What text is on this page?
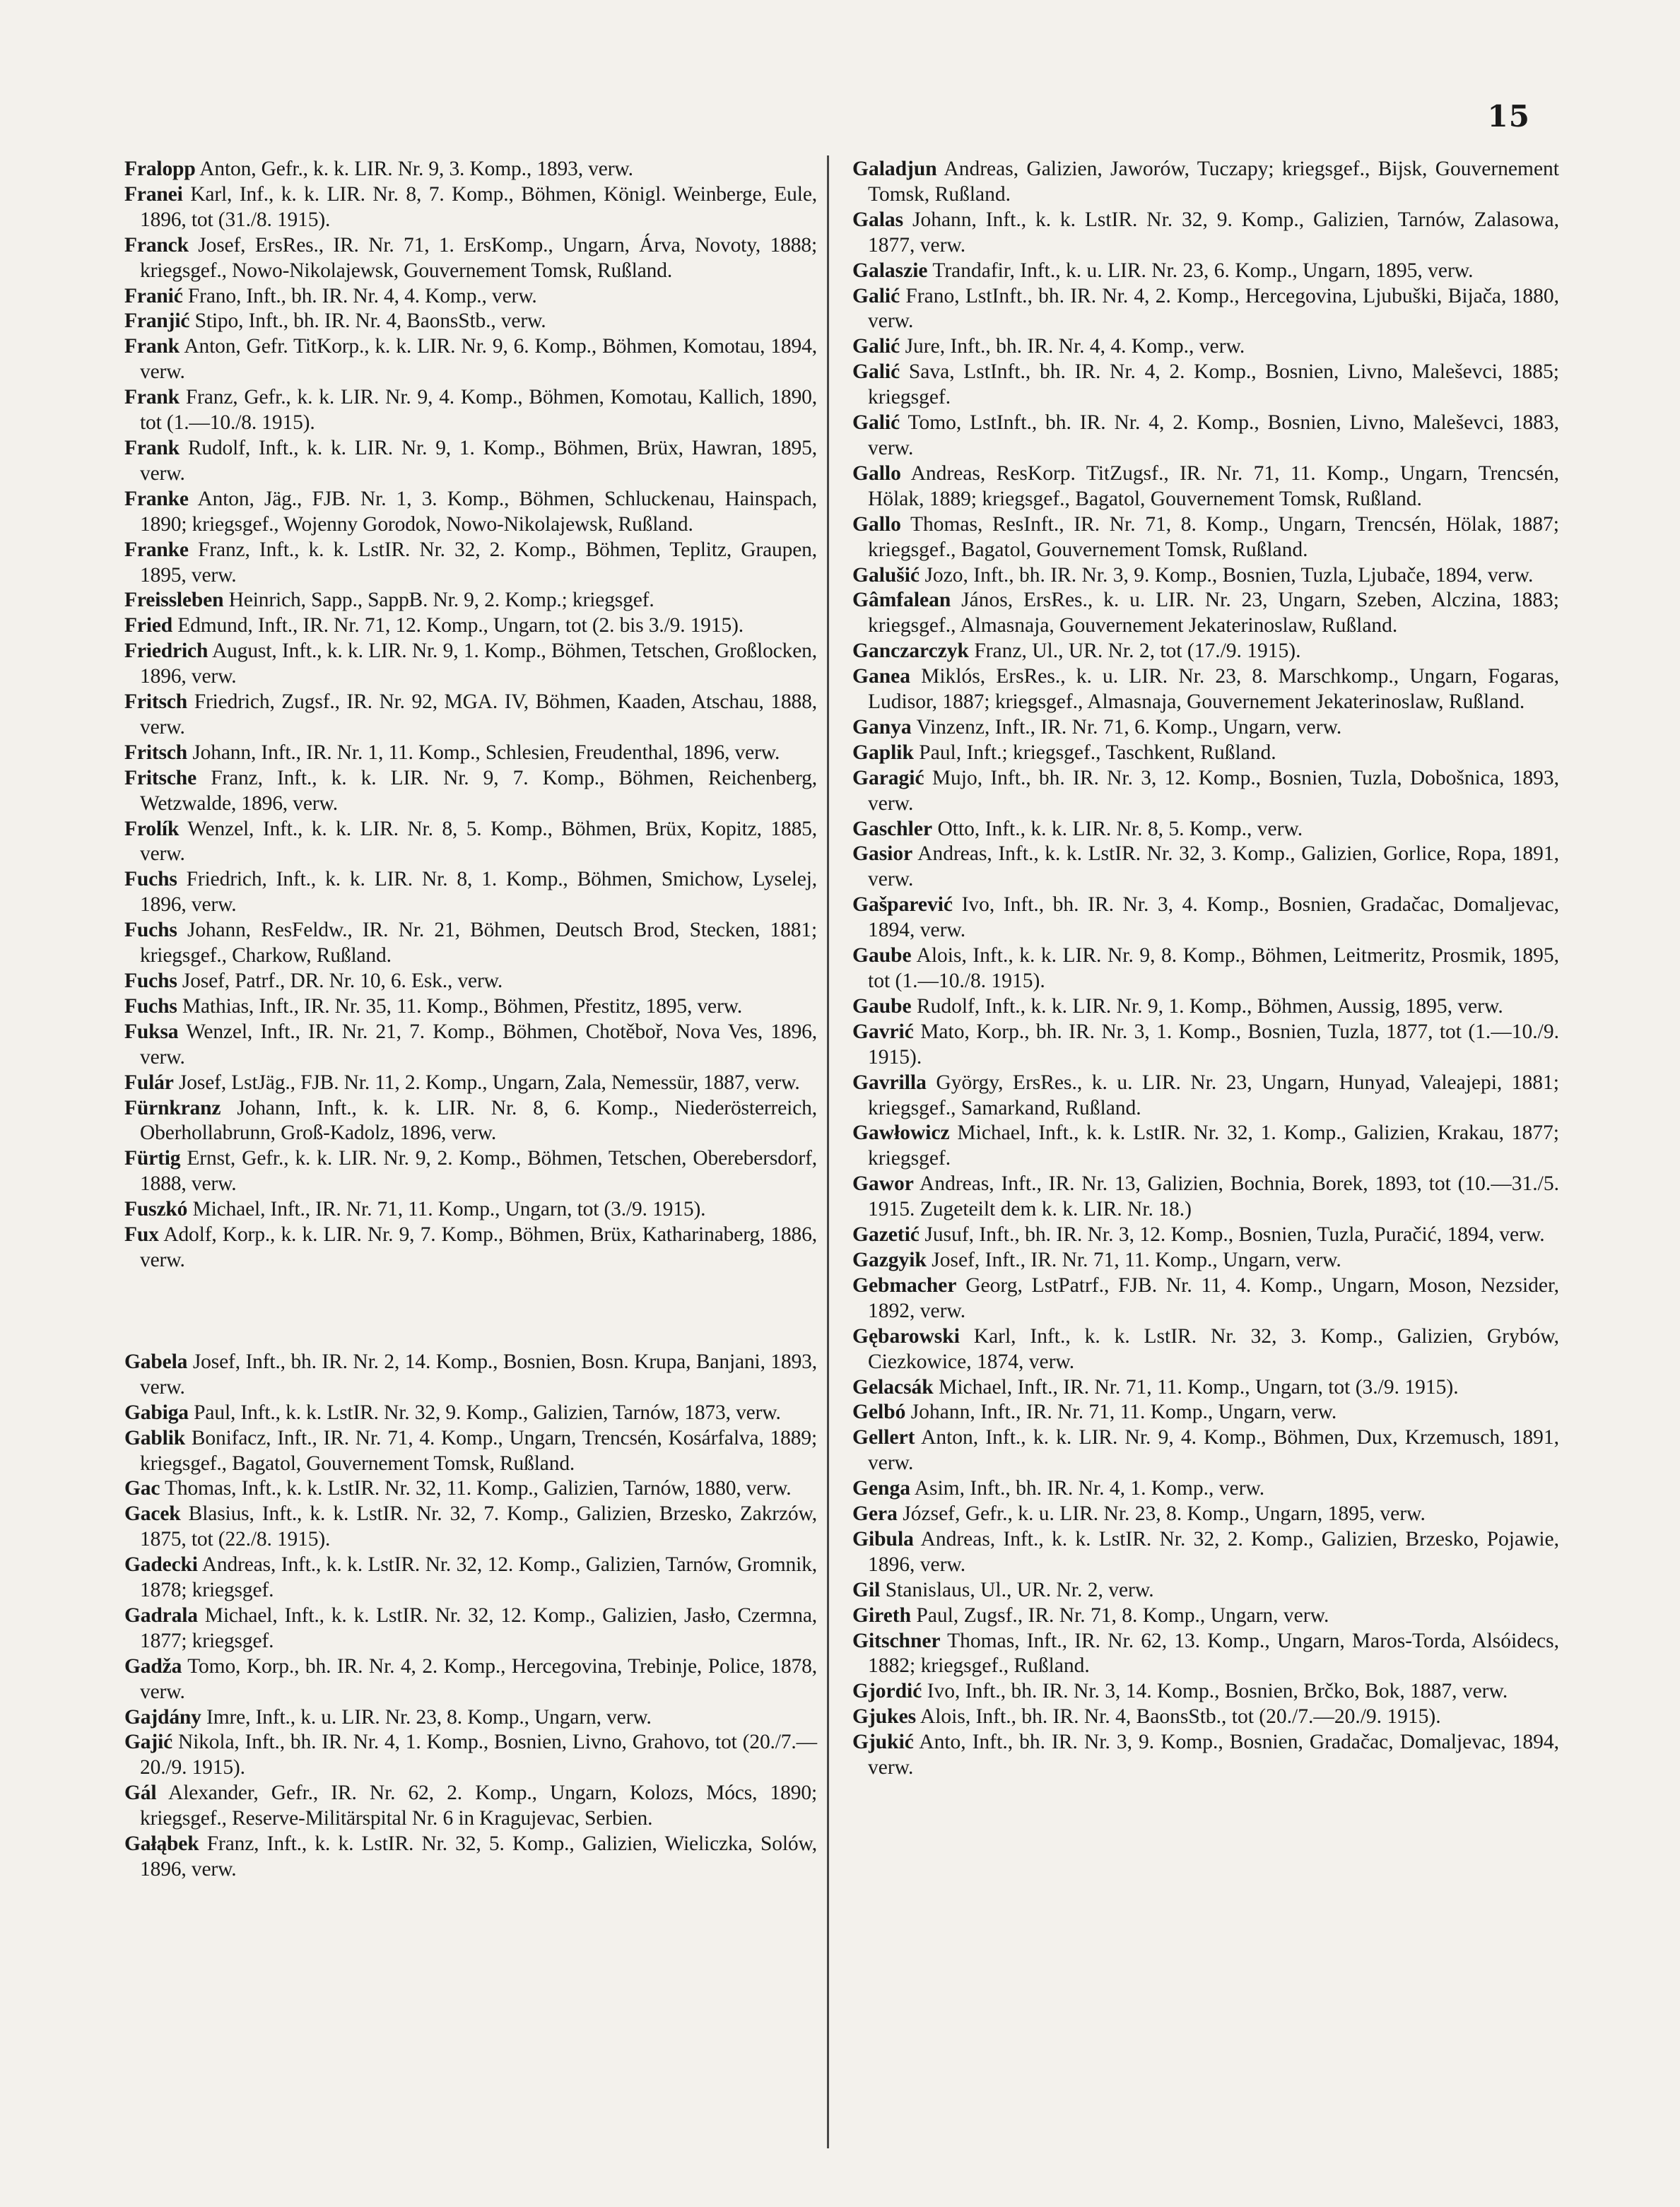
15

Fralopp Anton, Gefr., k. k. LIR. Nr. 9, 3. Komp., 1893, verw.

Franei Karl, Inf., k. k. LIR. Nr. 8, 7. Komp., Böhmen, Königl. Weinberge, Eule, 1896, tot (31./8. 1915).

Franck Josef, ErsRes., IR. Nr. 71, 1. ErsKomp., Ungarn, Árva, Novoty, 1888; kriegsgef., Nowo-Nikolajewsk, Gouvernement Tomsk, Rußland.

Franić Frano, Inft., bh. IR. Nr. 4, 4. Komp., verw.

Franjić Stipo, Inft., bh. IR. Nr. 4, BaonsStb., verw.

Frank Anton, Gefr. TitKorp., k. k. LIR. Nr. 9, 6. Komp., Böhmen, Komotau, 1894, verw.

Frank Franz, Gefr., k. k. LIR. Nr. 9, 4. Komp., Böhmen, Komotau, Kallich, 1890, tot (1.—10./8. 1915).

Frank Rudolf, Inft., k. k. LIR. Nr. 9, 1. Komp., Böhmen, Brüx, Hawran, 1895, verw.

Franke Anton, Jäg., FJB. Nr. 1, 3. Komp., Böhmen, Schluckenau, Hainspach, 1890; kriegsgef., Wojenny Gorodok, Nowo-Nikolajewsk, Rußland.

Franke Franz, Inft., k. k. LstIR. Nr. 32, 2. Komp., Böhmen, Teplitz, Graupen, 1895, verw.

Freissleben Heinrich, Sapp., SappB. Nr. 9, 2. Komp.; kriegsgef.

Fried Edmund, Inft., IR. Nr. 71, 12. Komp., Ungarn, tot (2. bis 3./9. 1915).

Friedrich August, Inft., k. k. LIR. Nr. 9, 1. Komp., Böhmen, Tetschen, Großlocken, 1896, verw.

Fritsch Friedrich, Zugsf., IR. Nr. 92, MGA. IV, Böhmen, Kaaden, Atschau, 1888, verw.

Fritsch Johann, Inft., IR. Nr. 1, 11. Komp., Schlesien, Freudenthal, 1896, verw.

Fritsche Franz, Inft., k. k. LIR. Nr. 9, 7. Komp., Böhmen, Reichenberg, Wetzwalde, 1896, verw.

Frolík Wenzel, Inft., k. k. LIR. Nr. 8, 5. Komp., Böhmen, Brüx, Kopitz, 1885, verw.

Fuchs Friedrich, Inft., k. k. LIR. Nr. 8, 1. Komp., Böhmen, Smichow, Lyselej, 1896, verw.

Fuchs Johann, ResFeldw., IR. Nr. 21, Böhmen, Deutsch Brod, Stecken, 1881; kriegsgef., Charkow, Rußland.

Fuchs Josef, Patrf., DR. Nr. 10, 6. Esk., verw.

Fuchs Mathias, Inft., IR. Nr. 35, 11. Komp., Böhmen, Přestitz, 1895, verw.

Fuksa Wenzel, Inft., IR. Nr. 21, 7. Komp., Böhmen, Chotěboř, Nova Ves, 1896, verw.

Fulár Josef, LstJäg., FJB. Nr. 11, 2. Komp., Ungarn, Zala, Nemessür, 1887, verw.

Fürnkranz Johann, Inft., k. k. LIR. Nr. 8, 6. Komp., Niederösterreich, Oberhollabrunn, Groß-Kadolz, 1896, verw.

Fürtig Ernst, Gefr., k. k. LIR. Nr. 9, 2. Komp., Böhmen, Tetschen, Oberebersdorf, 1888, verw.

Fuszkó Michael, Inft., IR. Nr. 71, 11. Komp., Ungarn, tot (3./9. 1915).

Fux Adolf, Korp., k. k. LIR. Nr. 9, 7. Komp., Böhmen, Brüx, Katharinaberg, 1886, verw.

Gabela Josef, Inft., bh. IR. Nr. 2, 14. Komp., Bosnien, Bosn. Krupa, Banjani, 1893, verw.

Gabiga Paul, Inft., k. k. LstIR. Nr. 32, 9. Komp., Galizien, Tarnów, 1873, verw.

Gablik Bonifacz, Inft., IR. Nr. 71, 4. Komp., Ungarn, Trencsén, Kosárfalva, 1889; kriegsgef., Bagatol, Gouvernement Tomsk, Rußland.

Gac Thomas, Inft., k. k. LstIR. Nr. 32, 11. Komp., Galizien, Tarnów, 1880, verw.

Gacek Blasius, Inft., k. k. LstIR. Nr. 32, 7. Komp., Galizien, Brzesko, Zakrzów, 1875, tot (22./8. 1915).

Gadecki Andreas, Inft., k. k. LstIR. Nr. 32, 12. Komp., Galizien, Tarnów, Gromnik, 1878; kriegsgef.

Gadrala Michael, Inft., k. k. LstIR. Nr. 32, 12. Komp., Galizien, Jasło, Czermna, 1877; kriegsgef.

Gadža Tomo, Korp., bh. IR. Nr. 4, 2. Komp., Hercegovina, Trebinje, Police, 1878, verw.

Gajdány Imre, Inft., k. u. LIR. Nr. 23, 8. Komp., Ungarn, verw.

Gajić Nikola, Inft., bh. IR. Nr. 4, 1. Komp., Bosnien, Livno, Grahovo, tot (20./7.—20./9. 1915).

Gál Alexander, Gefr., IR. Nr. 62, 2. Komp., Ungarn, Kolozs, Mócs, 1890; kriegsgef., Reserve-Militärspital Nr. 6 in Kragujevac, Serbien.

Gałąbek Franz, Inft., k. k. LstIR. Nr. 32, 5. Komp., Galizien, Wieliczka, Solów, 1896, verw.

Galadjun Andreas, Galizien, Jaworów, Tuczapy; kriegsgef., Bijsk, Gouvernement Tomsk, Rußland.

Galas Johann, Inft., k. k. LstIR. Nr. 32, 9. Komp., Galizien, Tarnów, Zalasowa, 1877, verw.

Galaszie Trandafir, Inft., k. u. LIR. Nr. 23, 6. Komp., Ungarn, 1895, verw.

Galić Frano, LstInft., bh. IR. Nr. 4, 2. Komp., Hercegovina, Ljubuški, Bijača, 1880, verw.

Galić Jure, Inft., bh. IR. Nr. 4, 4. Komp., verw.

Galić Sava, LstInft., bh. IR. Nr. 4, 2. Komp., Bosnien, Livno, Maleševci, 1885; kriegsgef.

Galić Tomo, LstInft., bh. IR. Nr. 4, 2. Komp., Bosnien, Livno, Maleševci, 1883, verw.

Gallo Andreas, ResKorp. TitZugsf., IR. Nr. 71, 11. Komp., Ungarn, Trencsén, Hölak, 1889; kriegsgef., Bagatol, Gouvernement Tomsk, Rußland.

Gallo Thomas, ResInft., IR. Nr. 71, 8. Komp., Ungarn, Trencsén, Hölak, 1887; kriegsgef., Bagatol, Gouvernement Tomsk, Rußland.

Galušić Jozo, Inft., bh. IR. Nr. 3, 9. Komp., Bosnien, Tuzla, Ljubače, 1894, verw.

Gâmfalean János, ErsRes., k. u. LIR. Nr. 23, Ungarn, Szeben, Alczina, 1883; kriegsgef., Almasnaja, Gouvernement Jekaterinoslaw, Rußland.

Ganczarczyk Franz, Ul., UR. Nr. 2, tot (17./9. 1915).

Ganea Miklós, ErsRes., k. u. LIR. Nr. 23, 8. Marschkomp., Ungarn, Fogaras, Ludisor, 1887; kriegsgef., Almasnaja, Gouvernement Jekaterinoslaw, Rußland.

Ganya Vinzenz, Inft., IR. Nr. 71, 6. Komp., Ungarn, verw.

Gaplik Paul, Inft.; kriegsgef., Taschkent, Rußland.

Garagić Mujo, Inft., bh. IR. Nr. 3, 12. Komp., Bosnien, Tuzla, Dobošnica, 1893, verw.

Gaschler Otto, Inft., k. k. LIR. Nr. 8, 5. Komp., verw.

Gasior Andreas, Inft., k. k. LstIR. Nr. 32, 3. Komp., Galizien, Gorlice, Ropa, 1891, verw.

Gašparević Ivo, Inft., bh. IR. Nr. 3, 4. Komp., Bosnien, Gradačac, Domaljevac, 1894, verw.

Gaube Alois, Inft., k. k. LIR. Nr. 9, 8. Komp., Böhmen, Leitmeritz, Prosmik, 1895, tot (1.—10./8. 1915).

Gaube Rudolf, Inft., k. k. LIR. Nr. 9, 1. Komp., Böhmen, Aussig, 1895, verw.

Gavrić Mato, Korp., bh. IR. Nr. 3, 1. Komp., Bosnien, Tuzla, 1877, tot (1.—10./9. 1915).

Gavrilla György, ErsRes., k. u. LIR. Nr. 23, Ungarn, Hunyad, Valeajepi, 1881; kriegsgef., Samarkand, Rußland.

Gawłowicz Michael, Inft., k. k. LstIR. Nr. 32, 1. Komp., Galizien, Krakau, 1877; kriegsgef.

Gawor Andreas, Inft., IR. Nr. 13, Galizien, Bochnia, Borek, 1893, tot (10.—31./5. 1915. Zugeteilt dem k. k. LIR. Nr. 18.)

Gazetić Jusuf, Inft., bh. IR. Nr. 3, 12. Komp., Bosnien, Tuzla, Puračić, 1894, verw.

Gazgyik Josef, Inft., IR. Nr. 71, 11. Komp., Ungarn, verw.

Gebmacher Georg, LstPatrf., FJB. Nr. 11, 4. Komp., Ungarn, Moson, Nezsider, 1892, verw.

Gębarowski Karl, Inft., k. k. LstIR. Nr. 32, 3. Komp., Galizien, Grybów, Ciezkowice, 1874, verw.

Gelacsák Michael, Inft., IR. Nr. 71, 11. Komp., Ungarn, tot (3./9. 1915).

Gelbó Johann, Inft., IR. Nr. 71, 11. Komp., Ungarn, verw.

Gellert Anton, Inft., k. k. LIR. Nr. 9, 4. Komp., Böhmen, Dux, Krzemusch, 1891, verw.

Genga Asim, Inft., bh. IR. Nr. 4, 1. Komp., verw.

Gera József, Gefr., k. u. LIR. Nr. 23, 8. Komp., Ungarn, 1895, verw.

Gibula Andreas, Inft., k. k. LstIR. Nr. 32, 2. Komp., Galizien, Brzesko, Pojawie, 1896, verw.

Gil Stanislaus, Ul., UR. Nr. 2, verw.

Gireth Paul, Zugsf., IR. Nr. 71, 8. Komp., Ungarn, verw.

Gitschner Thomas, Inft., IR. Nr. 62, 13. Komp., Ungarn, Maros-Torda, Alsóidecs, 1882; kriegsgef., Rußland.

Gjordić Ivo, Inft., bh. IR. Nr. 3, 14. Komp., Bosnien, Brčko, Bok, 1887, verw.

Gjukes Alois, Inft., bh. IR. Nr. 4, BaonsStb., tot (20./7.—20./9. 1915).

Gjukić Anto, Inft., bh. IR. Nr. 3, 9. Komp., Bosnien, Gradačac, Domaljevac, 1894, verw.
